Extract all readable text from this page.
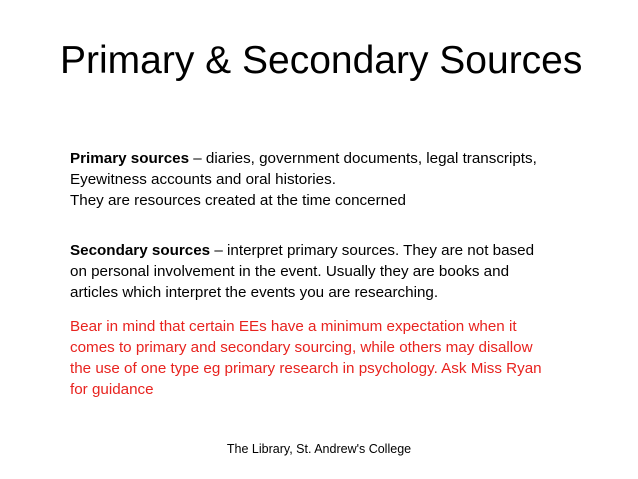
Primary & Secondary Sources
Primary sources – diaries, government documents, legal transcripts,
Eyewitness accounts and oral histories.
They are resources created at the time concerned
Secondary sources – interpret primary sources. They are not based
on personal involvement in the event. Usually they are books and
articles which interpret the events you are researching.
Bear in mind that certain EEs have a minimum expectation when it
comes to primary and secondary sourcing, while others may disallow
the use of one type eg primary research in psychology. Ask Miss Ryan
for guidance
The Library, St. Andrew's College
